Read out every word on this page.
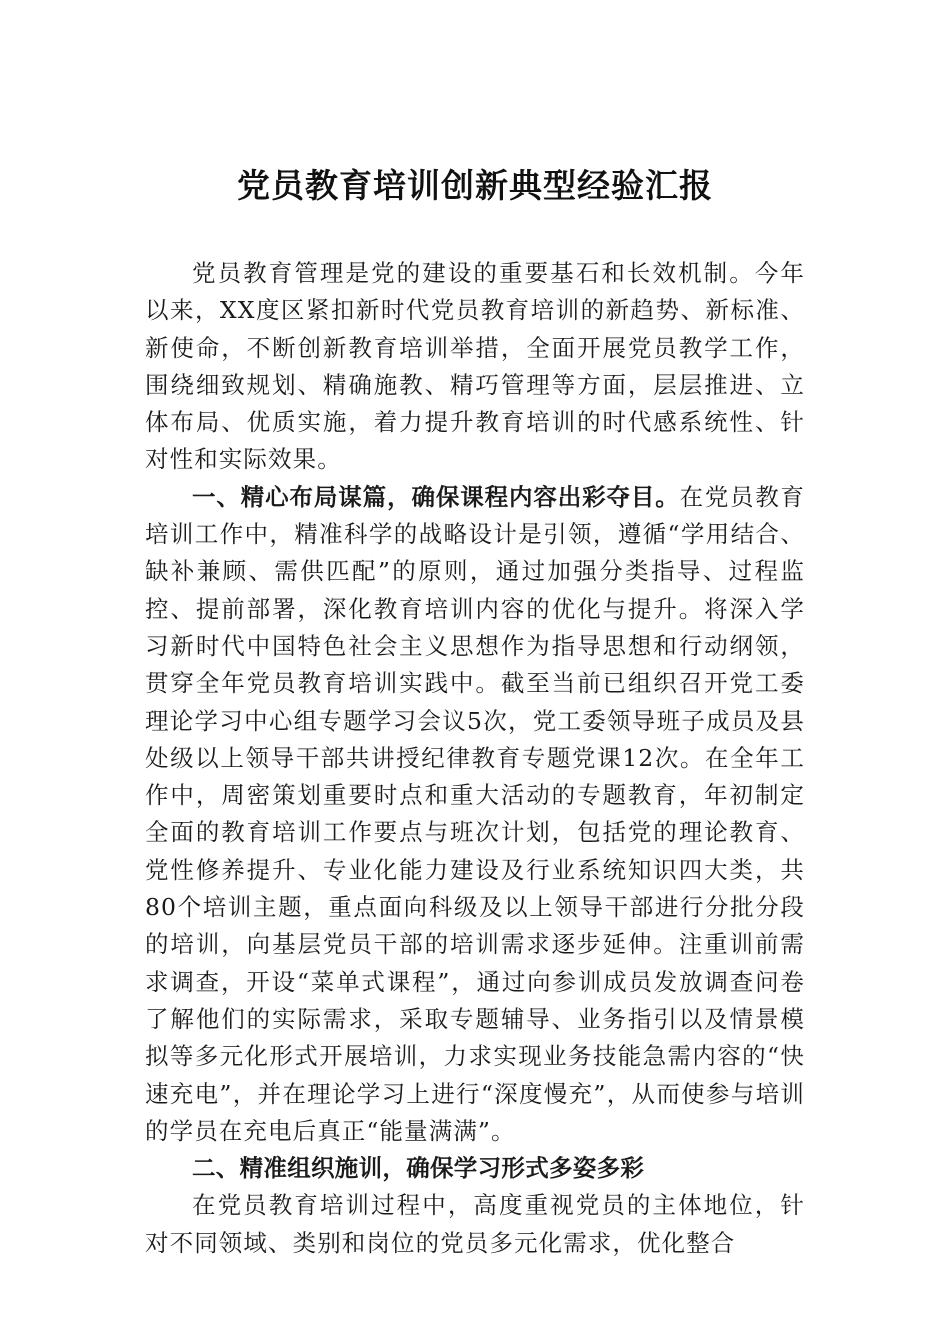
党员教育培训创新典型经验汇报

党员教育管理是党的建设的重要基石和长效机制。今年以来，XX度区紧扣新时代党员教育培训的新趋势、新标准、新使命，不断创新教育培训举措，全面开展党员教学工作，围绕细致规划、精确施教、精巧管理等方面，层层推进、立体布局、优质实施，着力提升教育培训的时代感系统性、针对性和实际效果。

一、精心布局谋篇，确保课程内容出彩夺目。在党员教育培训工作中，精准科学的战略设计是引领，遵循“学用结合、缺补兼顾、需供匹配”的原则，通过加强分类指导、过程监控、提前部署，深化教育培训内容的优化与提升。将深入学习新时代中国特色社会主义思想作为指导思想和行动纲领，贯穿全年党员教育培训实践中。截至当前已组织召开党工委理论学习中心组专题学习会议5次，党工委领导班子成员及县处级以上领导干部共讲授纪律教育专题党课12次。在全年工作中，周密策划重要时点和重大活动的专题教育，年初制定全面的教育培训工作要点与班次计划，包括党的理论教育、党性修养提升、专业化能力建设及行业系统知识四大类，共80个培训主题，重点面向科级及以上领导干部进行分批分段的培训，向基层党员干部的培训需求逐步延伸。注重训前需求调查，开设“菜单式课程”，通过向参训成员发放调查问卷了解他们的实际需求，采取专题辅导、业务指引以及情景模拟等多元化形式开展培训，力求实现业务技能急需内容的“快速充电”，并在理论学习上进行“深度慢充”，从而使参与培训的学员在充电后真正“能量满满”。

二、精准组织施训，确保学习形式多姿多彩

在党员教育培训过程中，高度重视党员的主体地位，针对不同领域、类别和岗位的党员多元化需求，优化整合
